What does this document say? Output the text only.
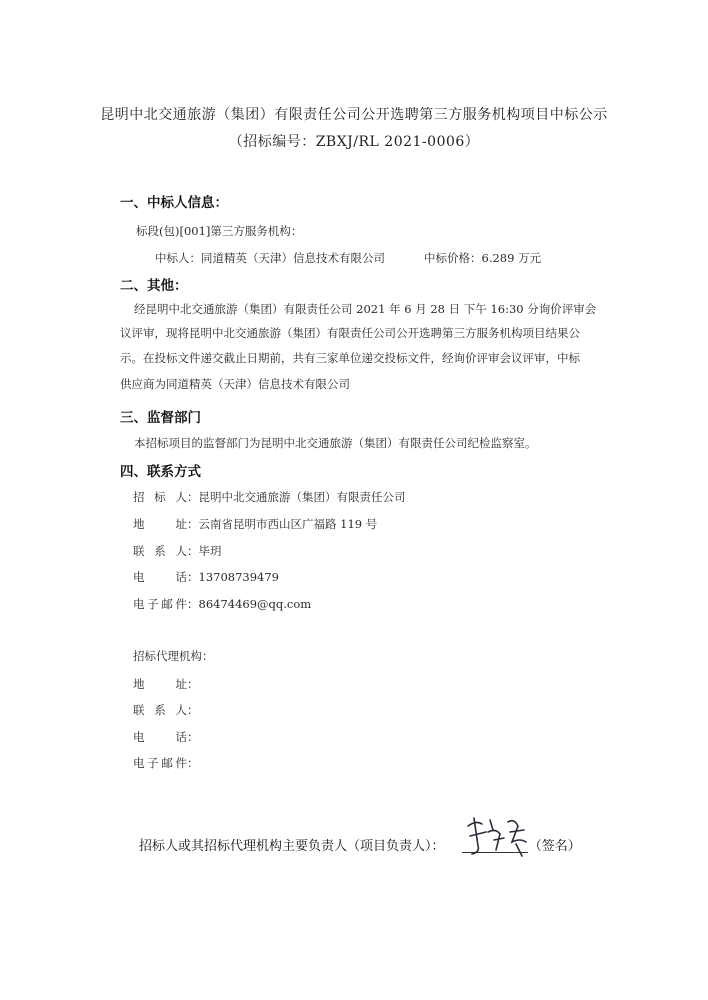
昆明中北交通旅游（集团）有限责任公司公开选聘第三方服务机构项目中标公示
（招标编号：ZBXJ/RL 2021-0006）
一、中标人信息：
标段(包)[001]第三方服务机构：
中标人：同道精英（天津）信息技术有限公司	中标价格：6.289 万元
二、其他：
经昆明中北交通旅游（集团）有限责任公司 2021 年 6 月 28 日 下午 16:30 分询价评审会
议评审，现将昆明中北交通旅游（集团）有限责任公司公开选聘第三方服务机构项目结果公
示。在投标文件递交截止日期前，共有三家单位递交投标文件，经询价评审会议评审，中标
供应商为同道精英（天津）信息技术有限公司
三、监督部门
本招标项目的监督部门为昆明中北交通旅游（集团）有限责任公司纪检监察室。
四、联系方式
招标人：昆明中北交通旅游（集团）有限责任公司
地址：云南省昆明市西山区广福路 119 号
联系人：毕玥
电话：13708739479
电子邮件：86474469@qq.com
招标代理机构：
地址：
联系人：
电话：
电子邮件：
招标人或其招标代理机构主要负责人（项目负责人）：	（签名）
